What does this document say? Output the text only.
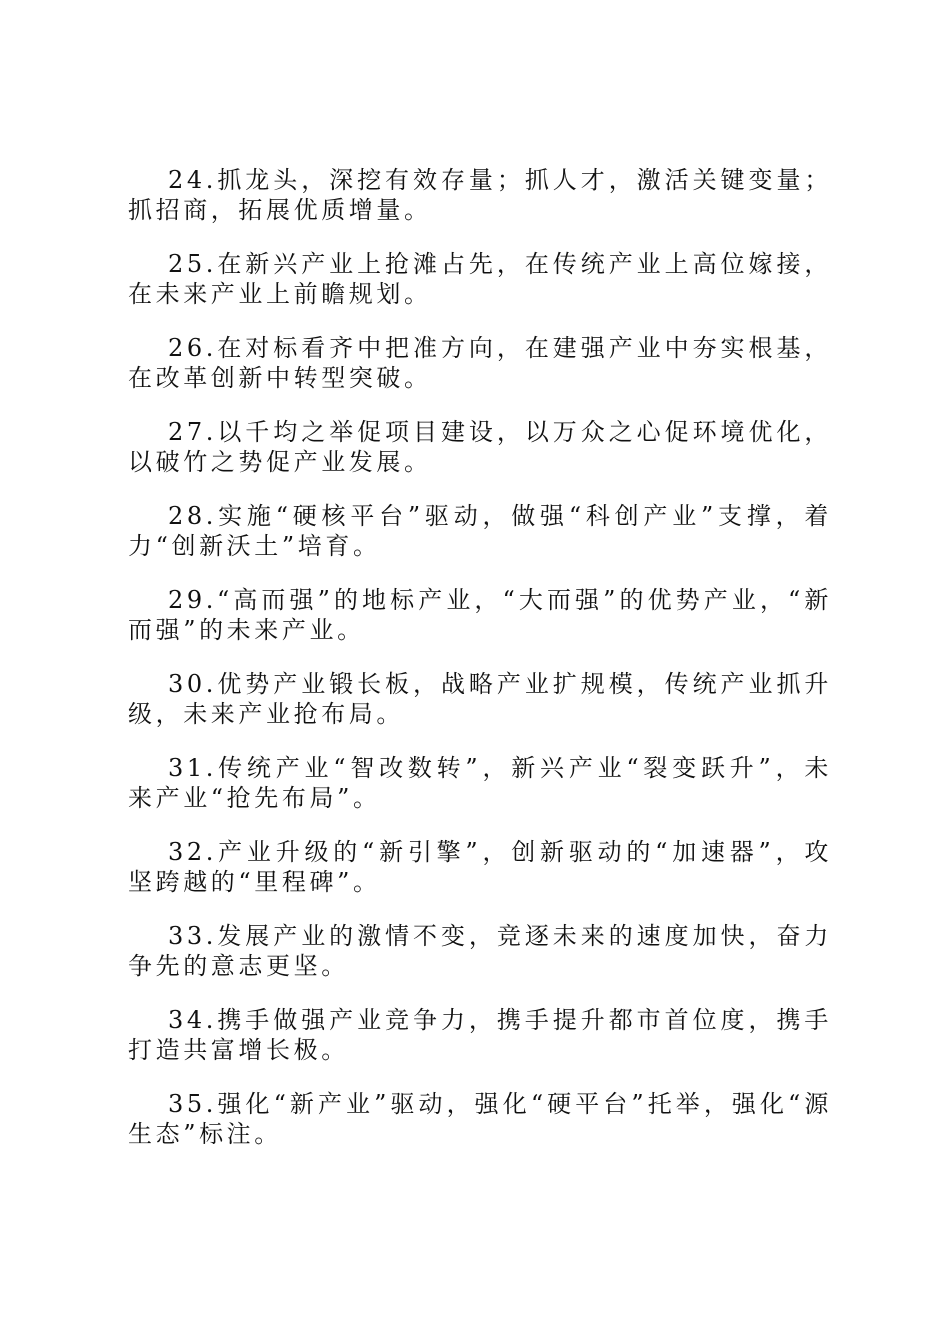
24.抓龙头，深挖有效存量；抓人才，激活关键变量；抓招商，拓展优质增量。

25.在新兴产业上抢滩占先，在传统产业上高位嫁接，在未来产业上前瞻规划。

26.在对标看齐中把准方向，在建强产业中夯实根基，在改革创新中转型突破。

27.以千均之举促项目建设，以万众之心促环境优化，以破竹之势促产业发展。

28.实施“硬核平台”驱动，做强“科创产业”支撑，着力“创新沃土”培育。

29.“高而强”的地标产业，“大而强”的优势产业，“新而强”的未来产业。

30.优势产业锻长板，战略产业扩规模，传统产业抓升级，未来产业抢布局。

31.传统产业“智改数转”，新兴产业“裂变跃升”，未来产业“抢先布局”。

32.产业升级的“新引擎”，创新驱动的“加速器”，攻坚跨越的“里程碑”。

33.发展产业的激情不变，竞逐未来的速度加快，奋力争先的意志更坚。

34.携手做强产业竞争力，携手提升都市首位度，携手打造共富增长极。

35.强化“新产业”驱动，强化“硬平台”托举，强化“源生态”标注。
